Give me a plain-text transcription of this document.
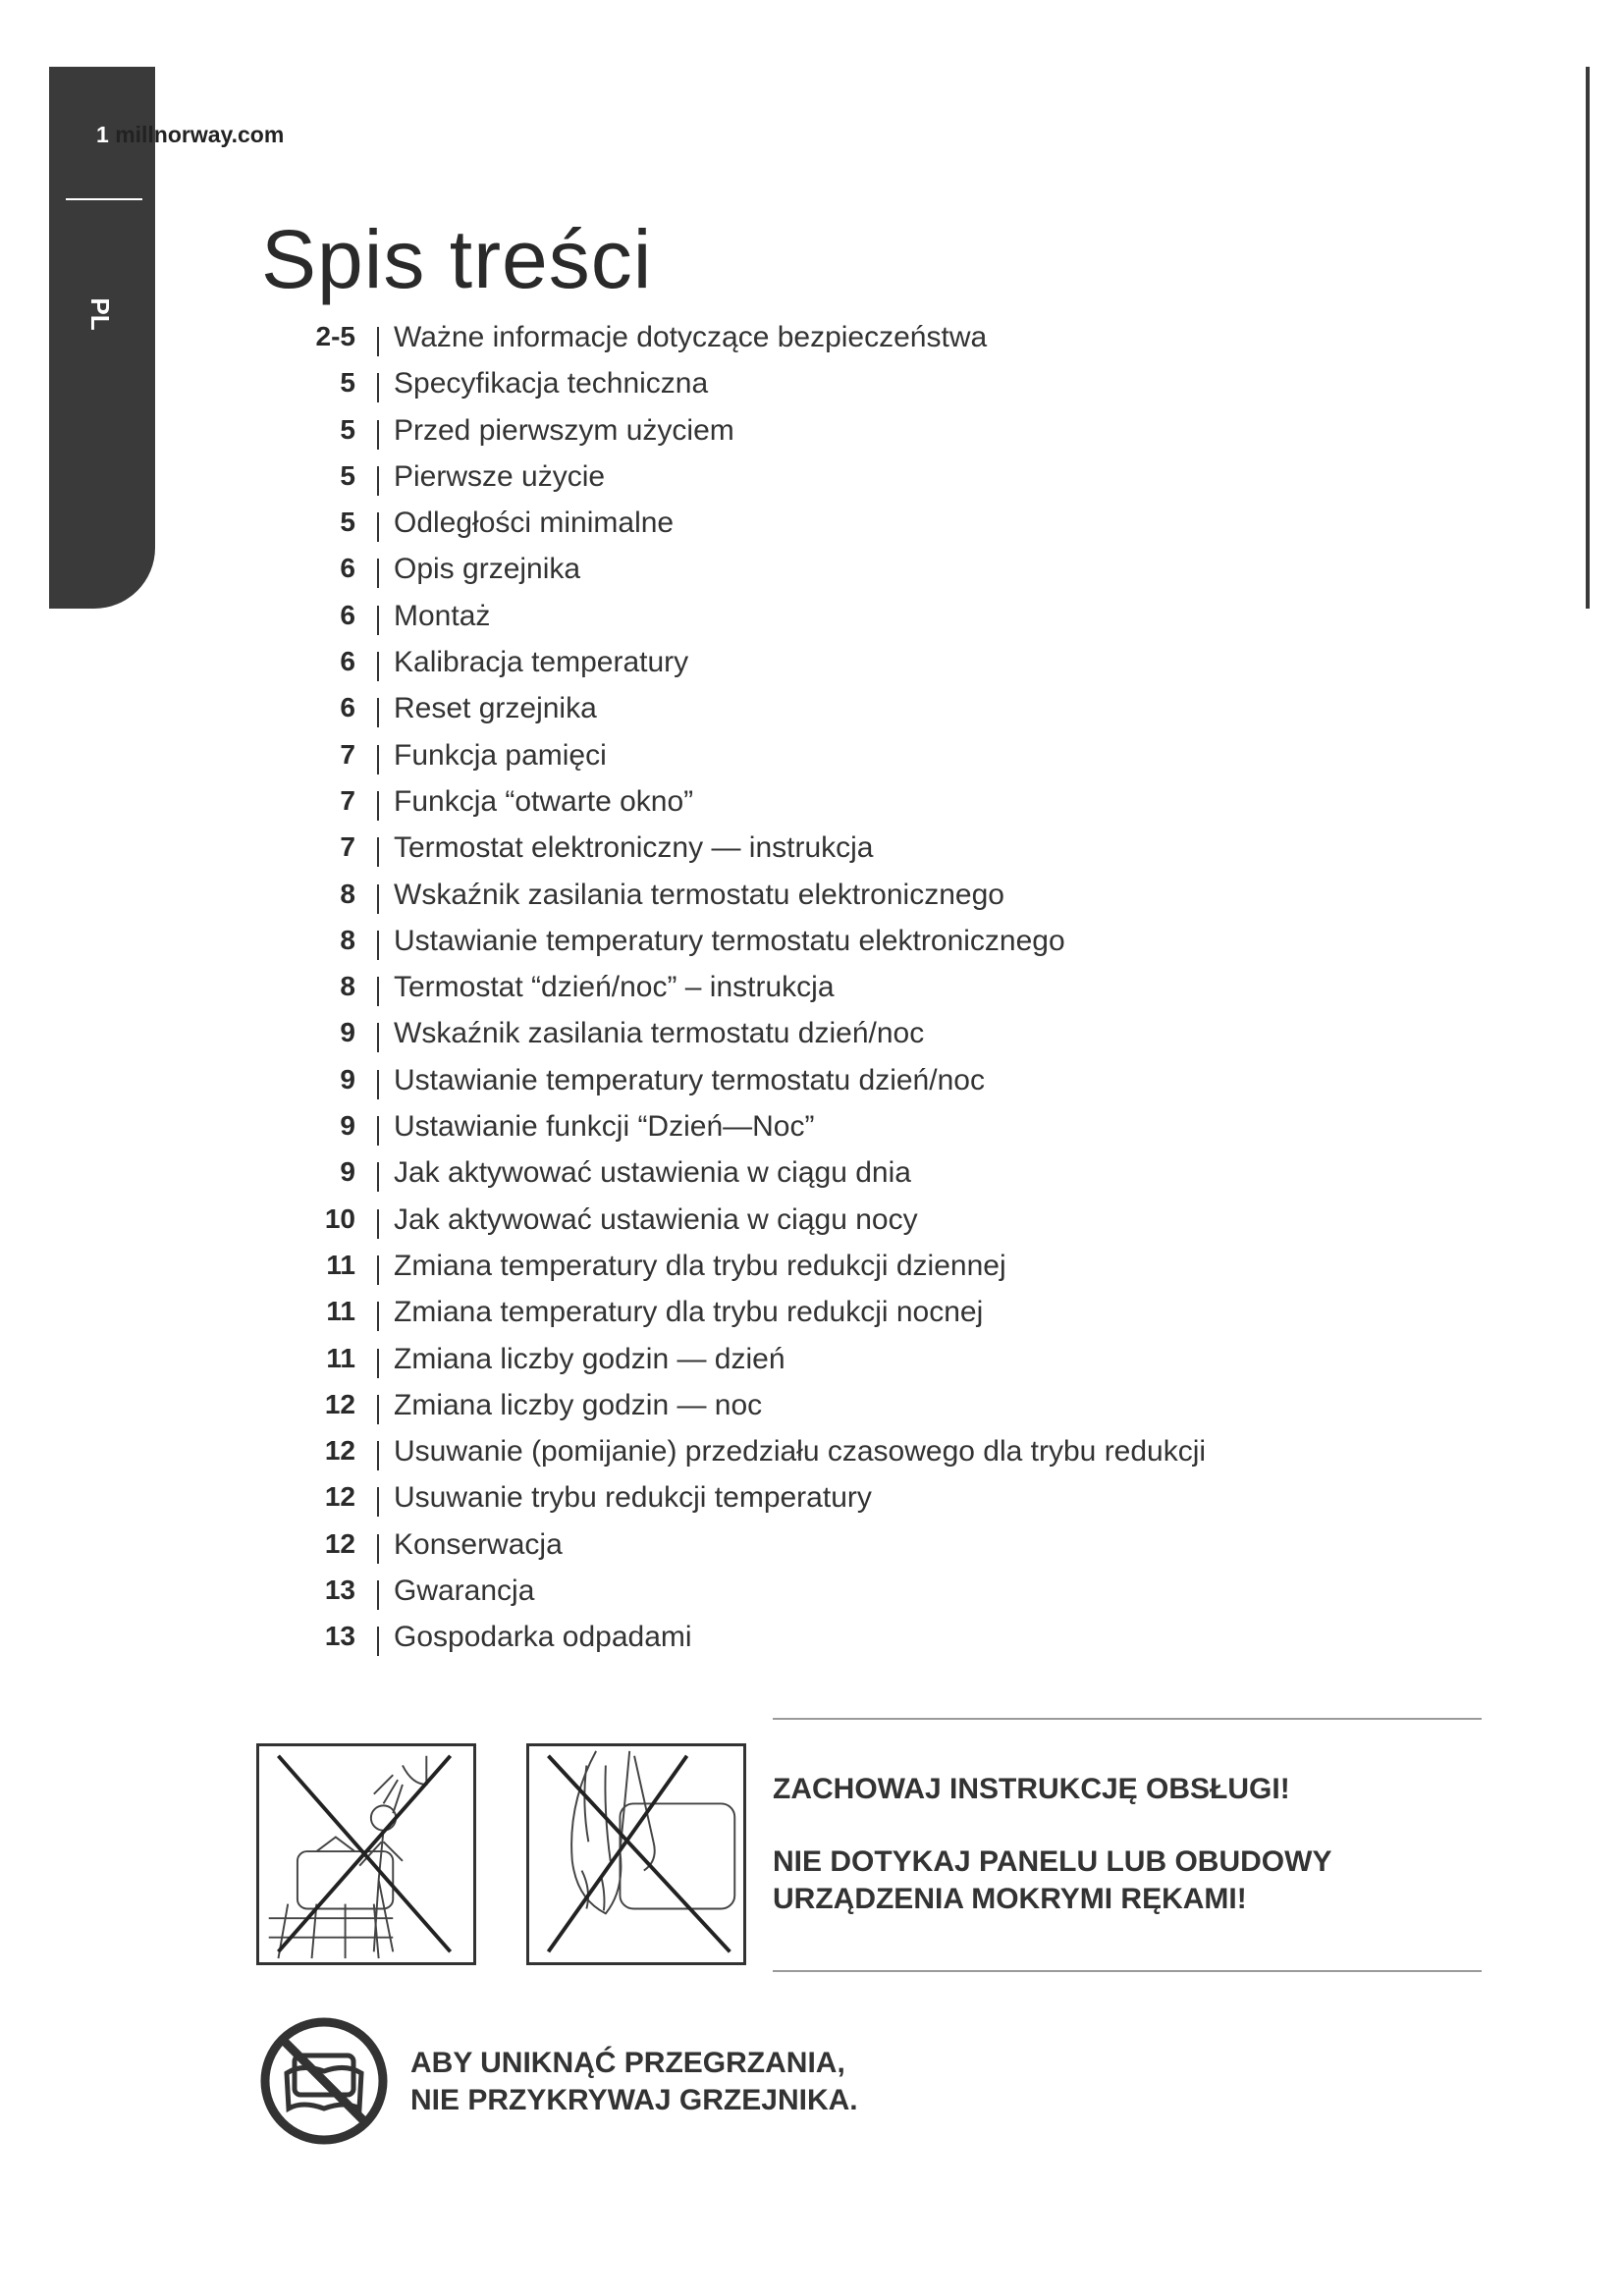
PL
1 millnorway.com
Spis treści
2-5 Ważne informacje dotyczące bezpieczeństwa
5 Specyfikacja techniczna
5 Przed pierwszym użyciem
5 Pierwsze użycie
5 Odległości minimalne
6 Opis grzejnika
6 Montaż
6 Kalibracja temperatury
6 Reset grzejnika
7 Funkcja pamięci
7 Funkcja “otwarte okno”
7 Termostat elektroniczny — instrukcja
8 Wskaźnik zasilania termostatu elektronicznego
8 Ustawianie temperatury termostatu elektronicznego
8 Termostat “dzień/noc” – instrukcja
9 Wskaźnik zasilania termostatu dzień/noc
9 Ustawianie temperatury termostatu dzień/noc
9 Ustawianie funkcji “Dzień—Noc”
9 Jak aktywować ustawienia w ciągu dnia
10 Jak aktywować ustawienia w ciągu nocy
11 Zmiana temperatury dla trybu redukcji dziennej
11 Zmiana temperatury dla trybu redukcji nocnej
11 Zmiana liczby godzin — dzień
12 Zmiana liczby godzin — noc
12 Usuwanie (pomijanie) przedziału czasowego dla trybu redukcji
12 Usuwanie trybu redukcji temperatury
12 Konserwacja
13 Gwarancja
13 Gospodarka odpadami

ZACHOWAJ INSTRUKCJĘ OBSŁUGI!

NIE DOTYKAJ PANELU LUB OBUDOWY

URZĄDZENIA MOKRYMI RĘKAMI!

ABY UNIKNĄĆ PRZEGRZANIA,

NIE PRZYKRYWAJ GRZEJNIKA.
